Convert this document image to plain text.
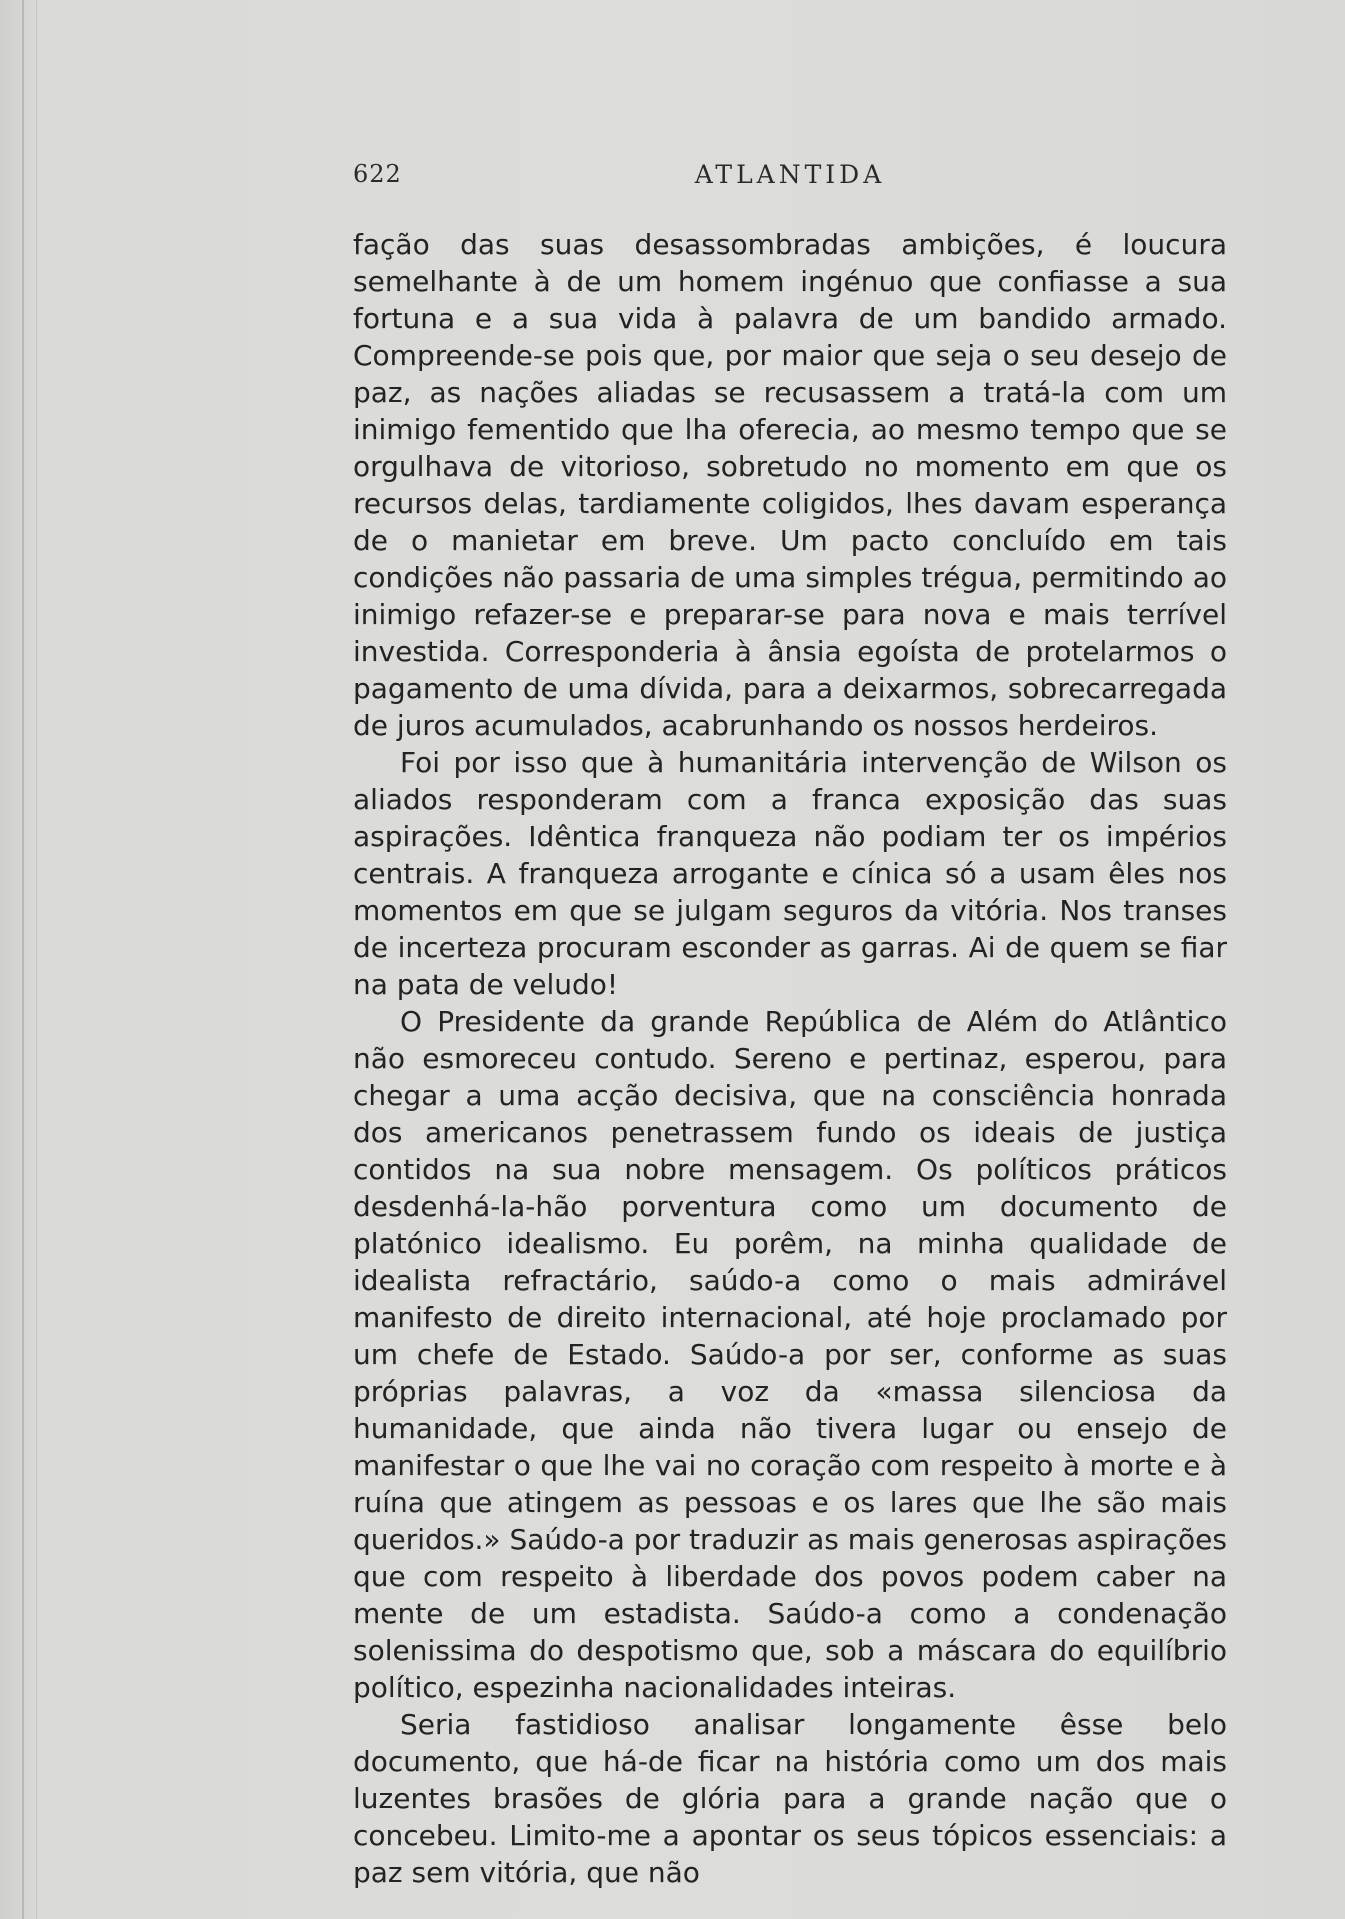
622	ATLANTIDA

fação das suas desassombradas ambições, é loucura semelhante à de um homem ingénuo que confiasse a sua fortuna e a sua vida à palavra de um bandido armado. Compreende-se pois que, por maior que seja o seu desejo de paz, as nações aliadas se recusassem a tratá-la com um inimigo fementido que lha oferecia, ao mesmo tempo que se orgulhava de vitorioso, sobretudo no momento em que os recursos delas, tardiamente coligidos, lhes davam esperança de o manietar em breve. Um pacto concluído em tais condições não passaria de uma simples trégua, permitindo ao inimigo refazer-se e preparar-se para nova e mais terrível investida. Corresponderia à ânsia egoísta de protelarmos o pagamento de uma dívida, para a deixarmos, sobrecarregada de juros acumulados, acabrunhando os nossos herdeiros.

Foi por isso que à humanitária intervenção de Wilson os aliados responderam com a franca exposição das suas aspirações. Idêntica franqueza não podiam ter os impérios centrais. A franqueza arrogante e cínica só a usam êles nos momentos em que se julgam seguros da vitória. Nos transes de incerteza procuram esconder as garras. Ai de quem se fiar na pata de veludo!

O Presidente da grande República de Além do Atlântico não esmoreceu contudo. Sereno e pertinaz, esperou, para chegar a uma acção decisiva, que na consciência honrada dos americanos penetrassem fundo os ideais de justiça contidos na sua nobre mensagem. Os políticos práticos desdenhá-la-hão porventura como um documento de platónico idealismo. Eu porêm, na minha qualidade de idealista refractário, saúdo-a como o mais admirável manifesto de direito internacional, até hoje proclamado por um chefe de Estado. Saúdo-a por ser, conforme as suas próprias palavras, a voz da «massa silenciosa da humanidade, que ainda não tivera lugar ou ensejo de manifestar o que lhe vai no coração com respeito à morte e à ruína que atingem as pessoas e os lares que lhe são mais queridos.» Saúdo-a por traduzir as mais generosas aspirações que com respeito à liberdade dos povos podem caber na mente de um estadista. Saúdo-a como a condenação solenissima do despotismo que, sob a máscara do equilíbrio político, espezinha nacionalidades inteiras.

Seria fastidioso analisar longamente êsse belo documento, que há-de ficar na história como um dos mais luzentes brasões de glória para a grande nação que o concebeu. Limito-me a apontar os seus tópicos essenciais: a paz sem vitória, que não
